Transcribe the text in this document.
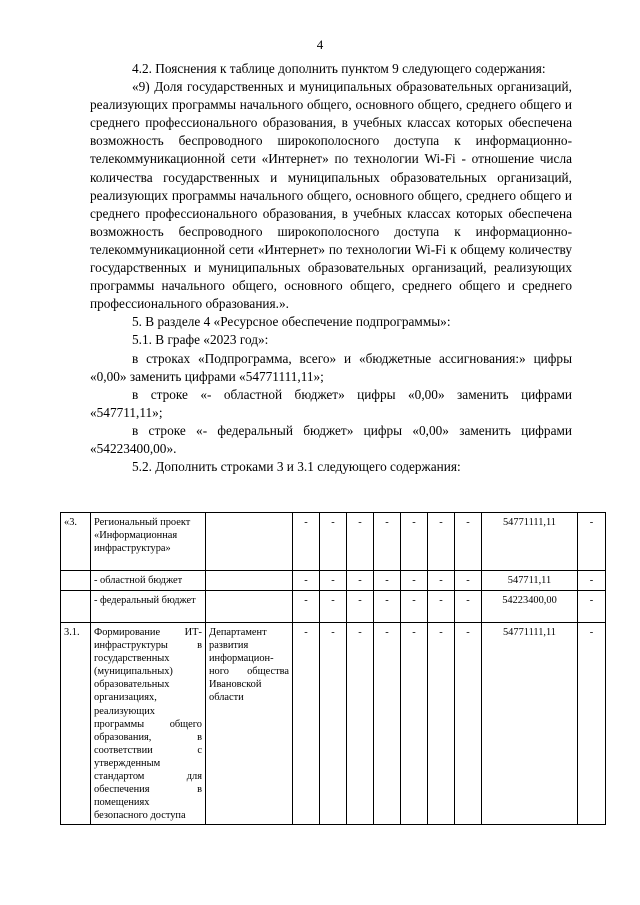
4

4.2. Пояснения к таблице дополнить пунктом 9 следующего содержания:

«9) Доля государственных и муниципальных образовательных организаций, реализующих программы начального общего, основного общего, среднего общего и среднего профессионального образования, в учебных классах которых обеспечена возможность беспроводного широкополосного доступа к информационно-телекоммуникационной сети «Интернет» по технологии Wi-Fi - отношение числа количества государственных и муниципальных образовательных организаций, реализующих программы начального общего, основного общего, среднего общего и среднего профессионального образования, в учебных классах которых обеспечена возможность беспроводного широкополосного доступа к информационно-телекоммуникационной сети «Интернет» по технологии Wi-Fi к общему количеству государственных и муниципальных образовательных организаций, реализующих программы начального общего, основного общего, среднего общего и среднего профессионального образования.».

5. В разделе 4 «Ресурсное обеспечение подпрограммы»:

5.1. В графе «2023 год»:

в строках «Подпрограмма, всего» и «бюджетные ассигнования:» цифры «0,00» заменить цифрами «54771111,11»;

в строке «- областной бюджет» цифры «0,00» заменить цифрами «547711,11»;

в строке «- федеральный бюджет» цифры «0,00» заменить цифрами «54223400,00».

5.2. Дополнить строками 3 и 3.1 следующего содержания:

«3.	Региональный проект «Информационная инфраструктура»		-	-	-	-	-	-	-	54771111,11	-
	- областной бюджет		-	-	-	-	-	-	-	547711,11	-
	- федеральный бюджет		-	-	-	-	-	-	-	54223400,00	-
3.1.	Формирование ИТ-инфраструктуры в государственных (муниципальных) образовательных организациях, реализующих программы общего образования, в соответствии с утвержденным стандартом для обеспечения в помещениях безопасного доступа	Департамент развития информацион-ного общества Ивановской области	-	-	-	-	-	-	-	54771111,11	-
